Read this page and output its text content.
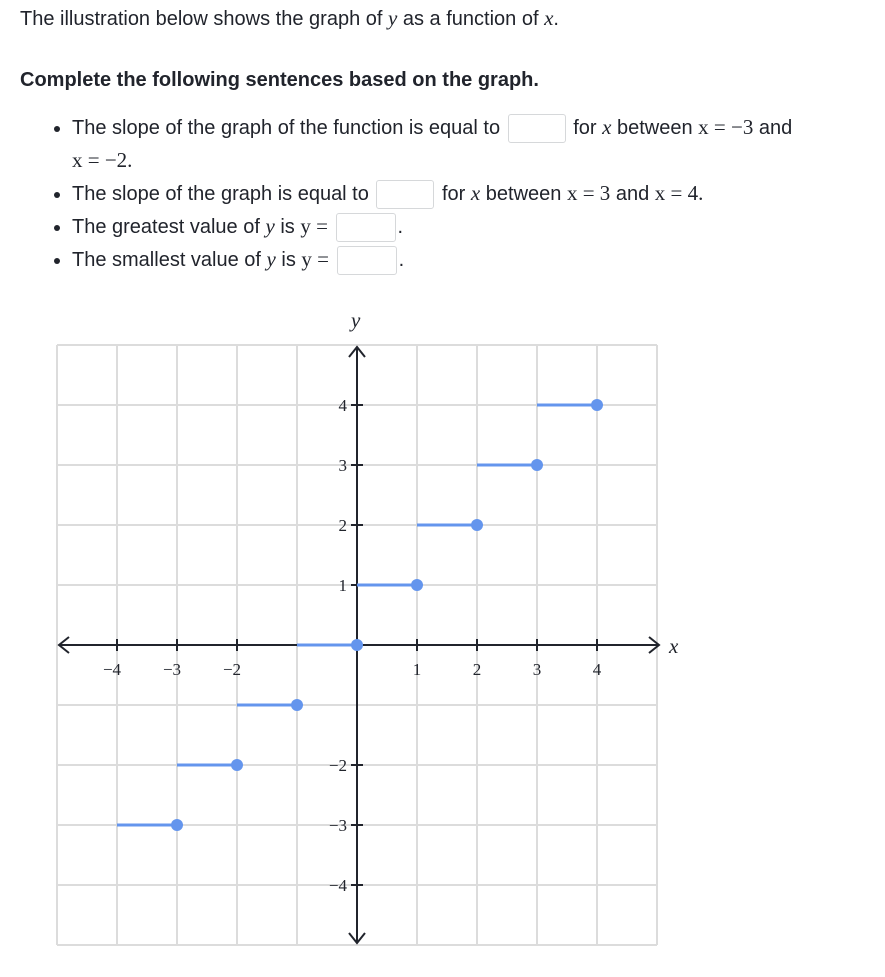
The illustration below shows the graph of y as a function of x.
Complete the following sentences based on the graph.
• The slope of the graph of the function is equal to	for x between x = −3 and
x = −2.
• The slope of the graph is equal to	for x between x = 3 and x = 4.
• The greatest value of y is y =	.
• The smallest value of y is y =	.
x
y
−4 −3 −2	1	2	3	4
4
3
2
1
−2
−3
−4
